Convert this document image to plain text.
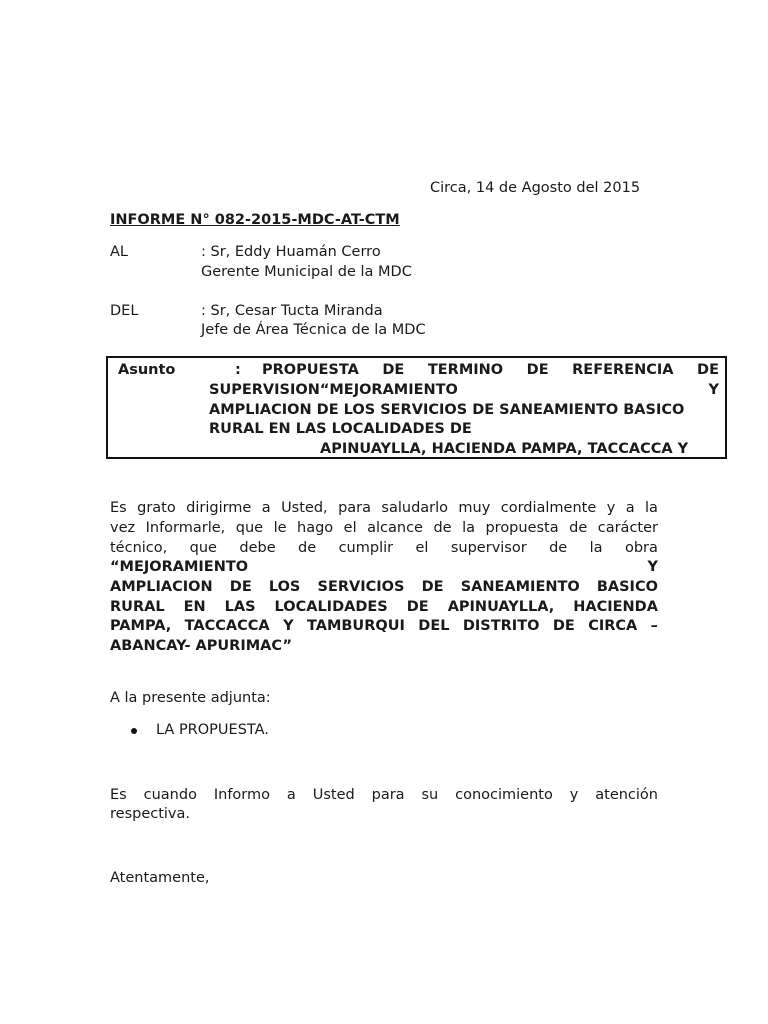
Circa, 14 de Agosto del 2015
INFORME N° 082-2015-MDC-AT-CTM
AL	: Sr, Eddy Huamán Cerro
Gerente Municipal de la MDC
DEL	: Sr, Cesar Tucta Miranda
Jefe de Área Técnica de la MDC
Asunto	: PROPUESTA DE TERMINO DE REFERENCIA DE
SUPERVISION“MEJORAMIENTO	Y
AMPLIACION DE LOS SERVICIOS DE SANEAMIENTO BASICO
RURAL EN LAS LOCALIDADES DE
APINUAYLLA, HACIENDA PAMPA, TACCACCA Y
Es grato dirigirme a Usted, para saludarlo muy cordialmente y a la
vez Informarle, que le hago el alcance de la propuesta de carácter
técnico, que debe de cumplir el supervisor de la obra
“MEJORAMIENTO	Y
AMPLIACION DE LOS SERVICIOS DE SANEAMIENTO BASICO
RURAL EN LAS LOCALIDADES DE APINUAYLLA, HACIENDA
PAMPA, TACCACCA Y TAMBURQUI DEL DISTRITO DE CIRCA –
ABANCAY- APURIMAC”
A la presente adjunta:
LA PROPUESTA.
Es cuando Informo a Usted para su conocimiento y atención
respectiva.
Atentamente,
